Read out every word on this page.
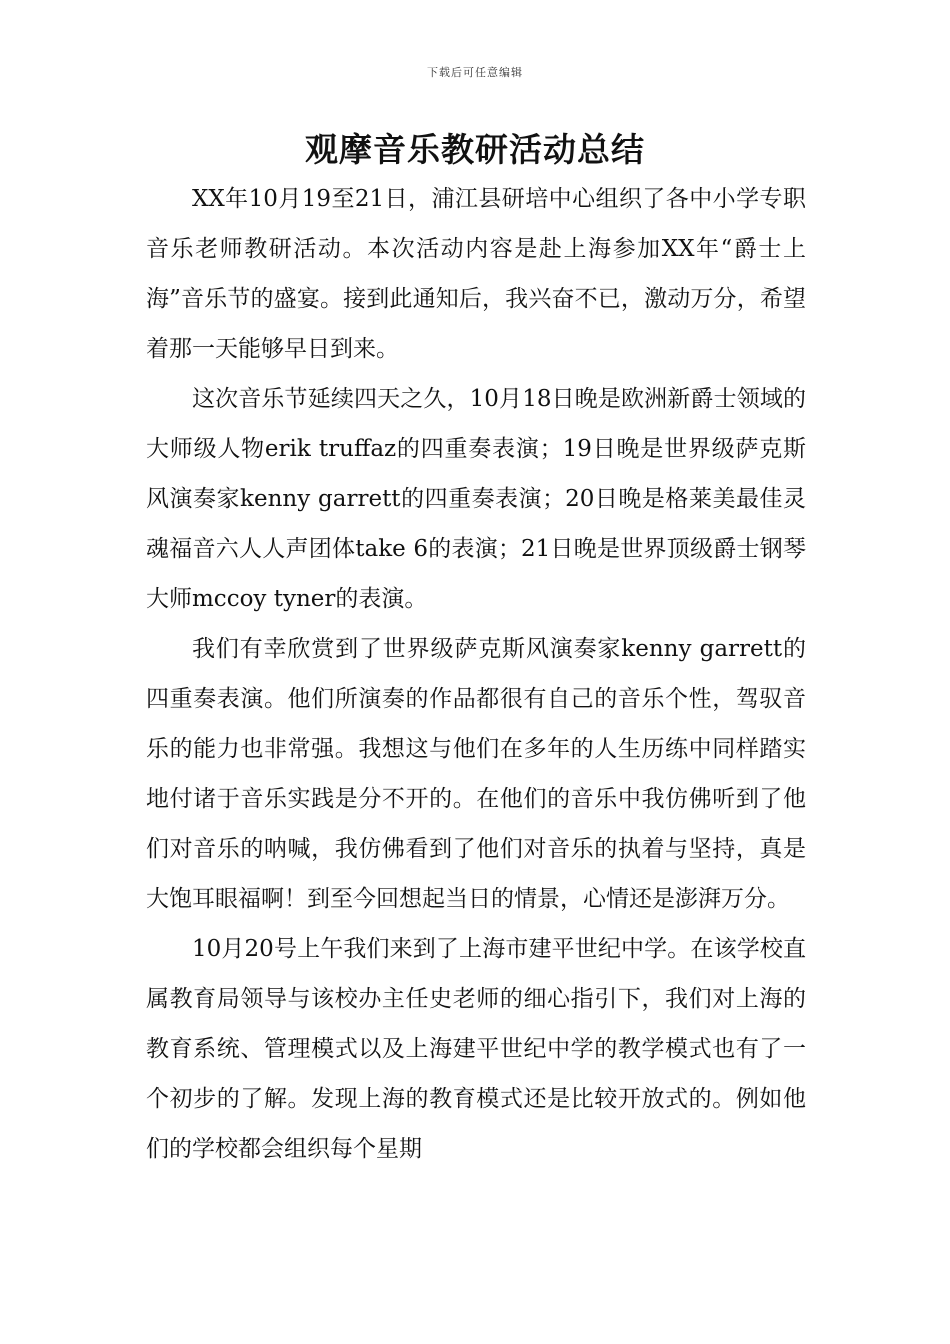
下载后可任意编辑
观摩音乐教研活动总结

XX年10月19至21日，浦江县研培中心组织了各中小学专职音乐老师教研活动。本次活动内容是赴上海参加XX年“爵士上海”音乐节的盛宴。接到此通知后，我兴奋不已，激动万分，希望着那一天能够早日到来。

这次音乐节延续四天之久，10月18日晚是欧洲新爵士领域的大师级人物erik truffaz的四重奏表演；19日晚是世界级萨克斯风演奏家kenny garrett的四重奏表演；20日晚是格莱美最佳灵魂福音六人人声团体take 6的表演；21日晚是世界顶级爵士钢琴大师mccoy tyner的表演。

我们有幸欣赏到了世界级萨克斯风演奏家kenny garrett的四重奏表演。他们所演奏的作品都很有自己的音乐个性，驾驭音乐的能力也非常强。我想这与他们在多年的人生历练中同样踏实地付诸于音乐实践是分不开的。在他们的音乐中我仿佛听到了他们对音乐的呐喊，我仿佛看到了他们对音乐的执着与坚持，真是大饱耳眼福啊！到至今回想起当日的情景，心情还是澎湃万分。

10月20号上午我们来到了上海市建平世纪中学。在该学校直属教育局领导与该校办主任史老师的细心指引下，我们对上海的教育系统、管理模式以及上海建平世纪中学的教学模式也有了一个初步的了解。发现上海的教育模式还是比较开放式的。例如他们的学校都会组织每个星期
